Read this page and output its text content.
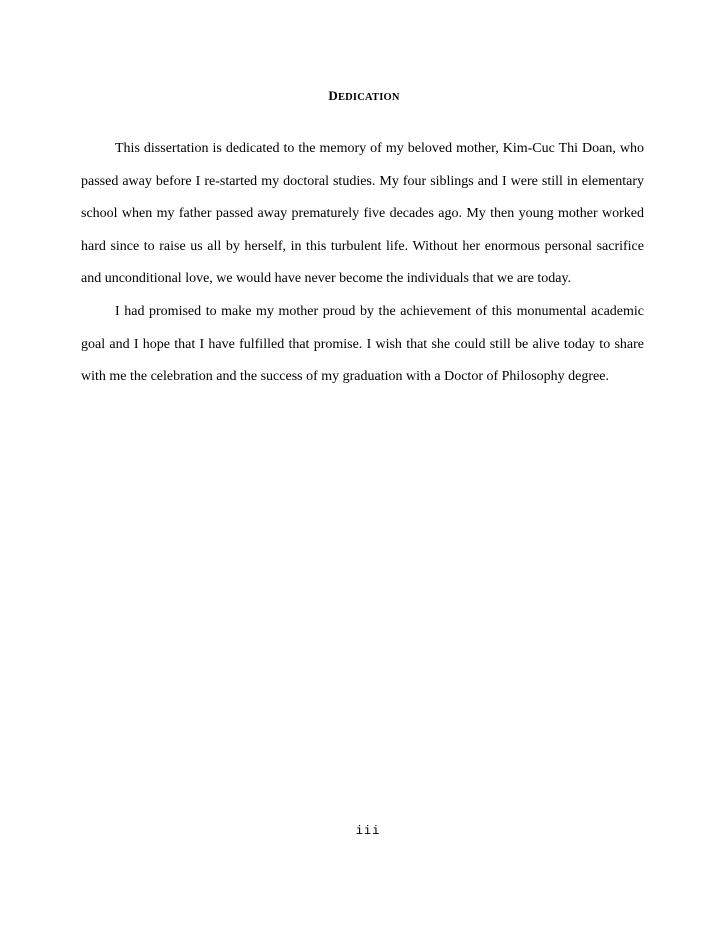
DEDICATION

This dissertation is dedicated to the memory of my beloved mother, Kim-Cuc Thi Doan, who passed away before I re-started my doctoral studies. My four siblings and I were still in elementary school when my father passed away prematurely five decades ago. My then young mother worked hard since to raise us all by herself, in this turbulent life. Without her enormous personal sacrifice and unconditional love, we would have never become the individuals that we are today.

I had promised to make my mother proud by the achievement of this monumental academic goal and I hope that I have fulfilled that promise. I wish that she could still be alive today to share with me the celebration and the success of my graduation with a Doctor of Philosophy degree.

iii
